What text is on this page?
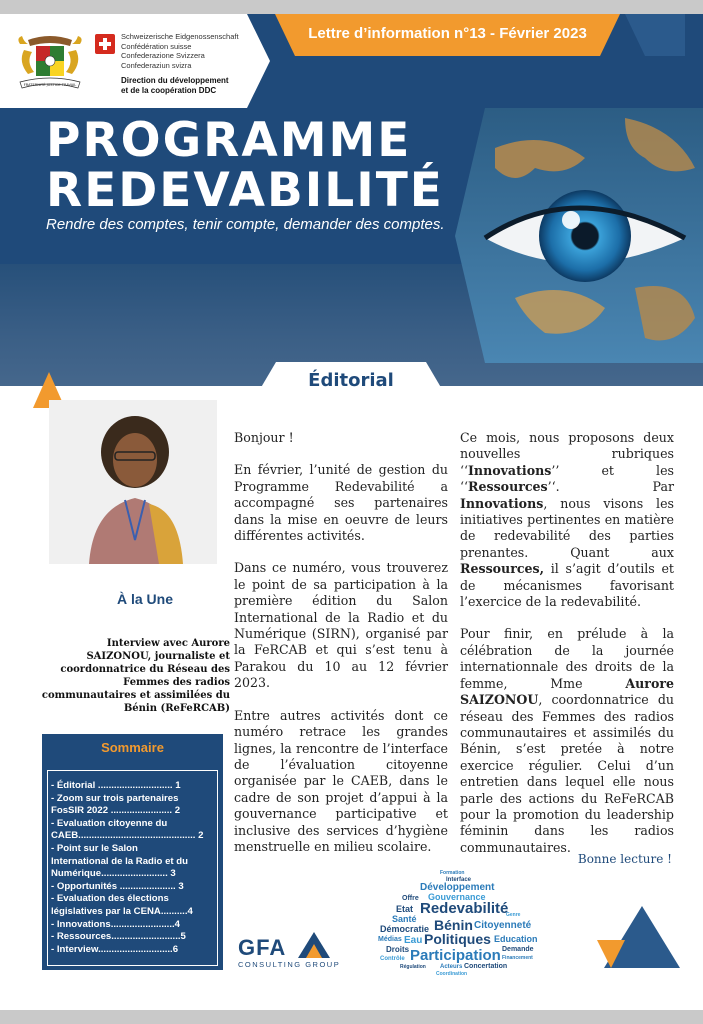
FRATERNITÉ JUSTICE TRAVAIL
Schweizerische Eidgenossenschaft
Confédération suisse
Confederazione Svizzera
Confederaziun svizra
Direction du développement
et de la coopération DDC
Lettre d’information n°13 - Février 2023
PROGRAMME
REDEVABILITÉ
Rendre des comptes, tenir compte, demander des comptes.
Éditorial
À la Une
Interview avec Aurore SAIZONOU, journaliste et coordonnatrice du Réseau des Femmes des radios communautaires et assimilées du Bénin (ReFeRCAB)
Sommaire
- Éditorial ............................ 1
- Zoom sur trois partenaires
FosSIR 2022 ....................... 2
- Evaluation citoyenne du
CAEB............................................ 2
- Point sur le Salon
International de la Radio et du
Numérique......................... 3
- Opportunités ..................... 3
- Evaluation des élections
législatives par la CENA..........4
- Innovations........................4
- Ressources..........................5
- Interview............................6

Bonjour !

En février, l’unité de gestion du Programme Redevabilité a accompagné ses partenaires dans la mise en oeuvre de leurs différentes activités.

Dans ce numéro, vous trouverez le point de sa participation à la première édition du Salon International de la Radio et du Numérique (SIRN), organisé par la FeRCAB et qui s’est tenu à Parakou du 10 au 12 février 2023.

Entre autres activités dont ce numéro retrace les grandes lignes, la rencontre de l’interface de l’évaluation citoyenne organisée par le CAEB, dans le cadre de son projet d’appui à la gouvernance participative et inclusive des services d’hygiène menstruelle en milieu scolaire.

Ce mois, nous proposons deux nouvelles rubriques ‘‘Innovations’’ et les ‘‘Ressources’‘. Par Innovations, nous visons les initiatives pertinentes en matière de redevabilité des parties prenantes. Quant aux Ressources, il s’agit d’outils et de mécanismes favorisant l’exercice de la redevabilité.

Pour finir, en prélude à la célébration de la journée internationnale des droits de la femme, Mme Aurore SAIZONOU, coordonnatrice du réseau des Femmes des radios communautaires et assimilés du Bénin, s’est pretée à notre exercice régulier. Celui d’un entretien dans lequel elle nous parle des actions du ReFeRCAB pour la promotion du leadership féminin dans les radios communautaires.

Bonne lecture !
GFA
CONSULTING GROUP
Formation
Interface
Développement
Offre Gouvernance
Etat Redevabilité
Santé	Genre
Citoyenneté
Démocratie Bénin
Médias Eau Politiques Education
Droits	Demande
Contrôle Participation
Régulation Acteurs Concertation
Coordination
Financement
